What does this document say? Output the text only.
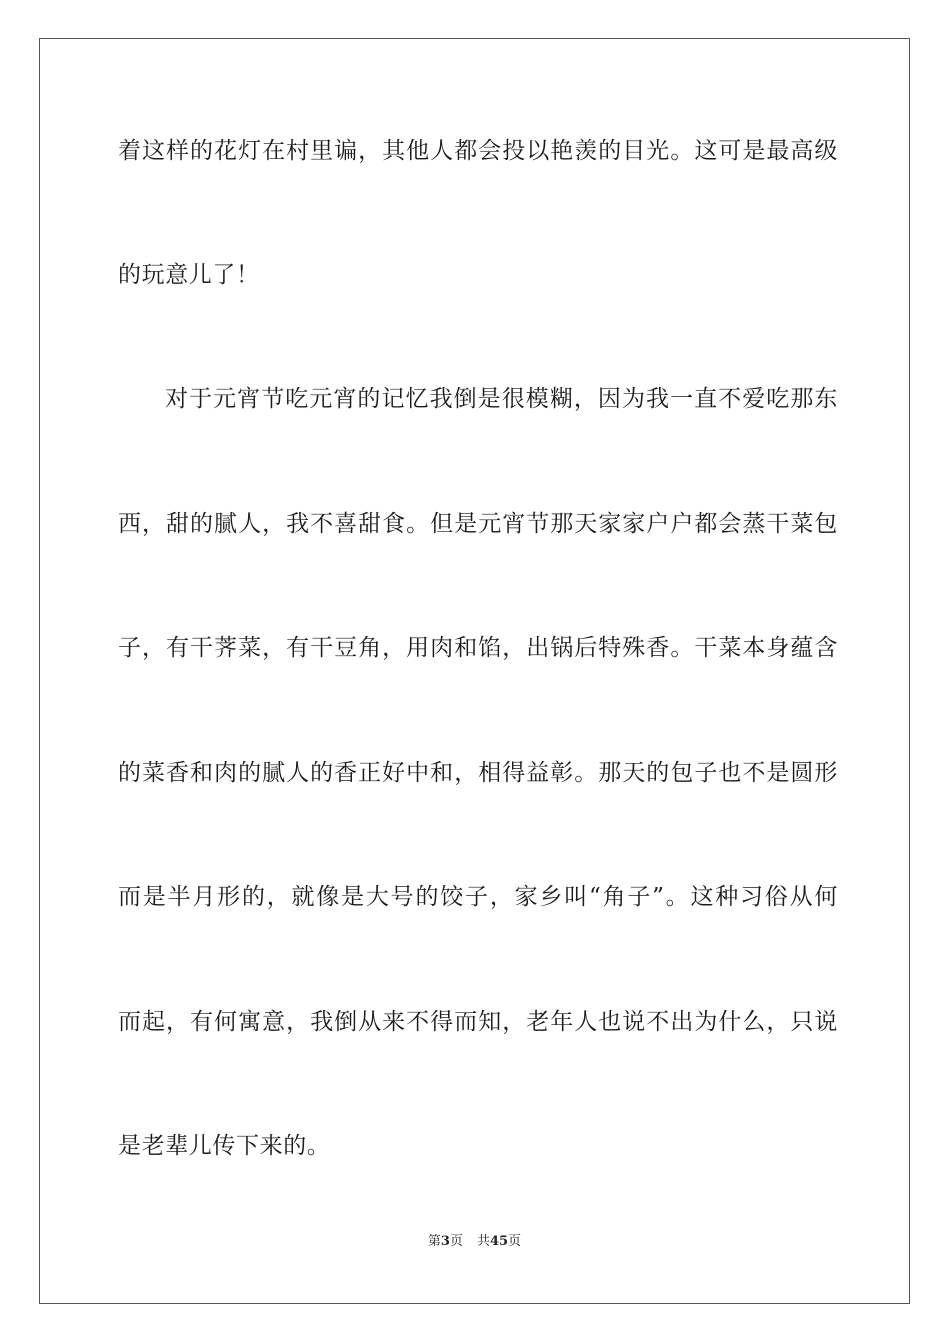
着这样的花灯在村里谝，其他人都会投以艳羡的目光。这可是最高级
的玩意儿了！
对于元宵节吃元宵的记忆我倒是很模糊，因为我一直不爱吃那东
西，甜的腻人，我不喜甜食。但是元宵节那天家家户户都会蒸干菜包
子，有干荠菜，有干豆角，用肉和馅，出锅后特殊香。干菜本身蕴含
的菜香和肉的腻人的香正好中和，相得益彰。那天的包子也不是圆形
而是半月形的，就像是大号的饺子，家乡叫“角子”。这种习俗从何
而起，有何寓意，我倒从来不得而知，老年人也说不出为什么，只说
是老辈儿传下来的。
第3页 共45页
